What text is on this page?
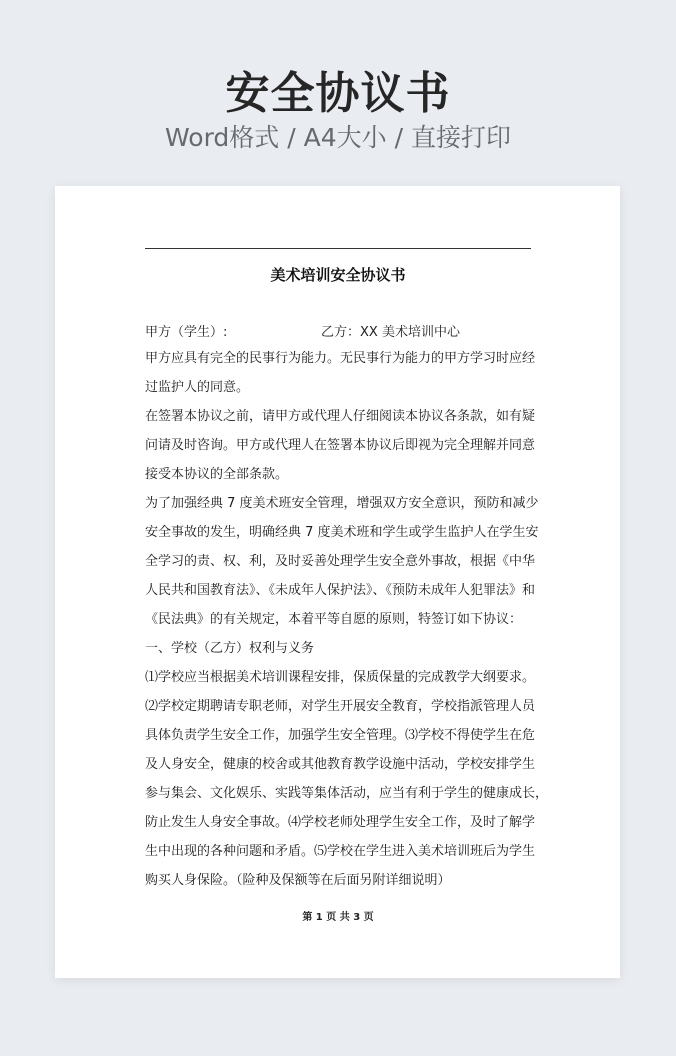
安全协议书
Word格式 / A4大小 / 直接打印
美术培训安全协议书
甲方（学生）:	乙方：XX 美术培训中心
甲方应具有完全的民事行为能力。无民事行为能力的甲方学习时应经
过监护人的同意。
在签署本协议之前，请甲方或代理人仔细阅读本协议各条款，如有疑
问请及时咨询。甲方或代理人在签署本协议后即视为完全理解并同意
接受本协议的全部条款。
为了加强经典 7 度美术班安全管理，增强双方安全意识，预防和减少
安全事故的发生，明确经典 7 度美术班和学生或学生监护人在学生安
全学习的责、权、利，及时妥善处理学生安全意外事故，根据《中华
人民共和国教育法》、《未成年人保护法》、《预防未成年人犯罪法》和
《民法典》的有关规定，本着平等自愿的原则，特签订如下协议：
一、学校（乙方）权利与义务
⑴学校应当根据美术培训课程安排，保质保量的完成教学大纲要求。
⑵学校定期聘请专职老师，对学生开展安全教育，学校指派管理人员
具体负责学生安全工作，加强学生安全管理。⑶学校不得使学生在危
及人身安全，健康的校舍或其他教育教学设施中活动，学校安排学生
参与集会、文化娱乐、实践等集体活动，应当有利于学生的健康成长，
防止发生人身安全事故。⑷学校老师处理学生安全工作，及时了解学
生中出现的各种问题和矛盾。⑸学校在学生进入美术培训班后为学生
购买人身保险。（险种及保额等在后面另附详细说明）
第 1 页 共 3 页
